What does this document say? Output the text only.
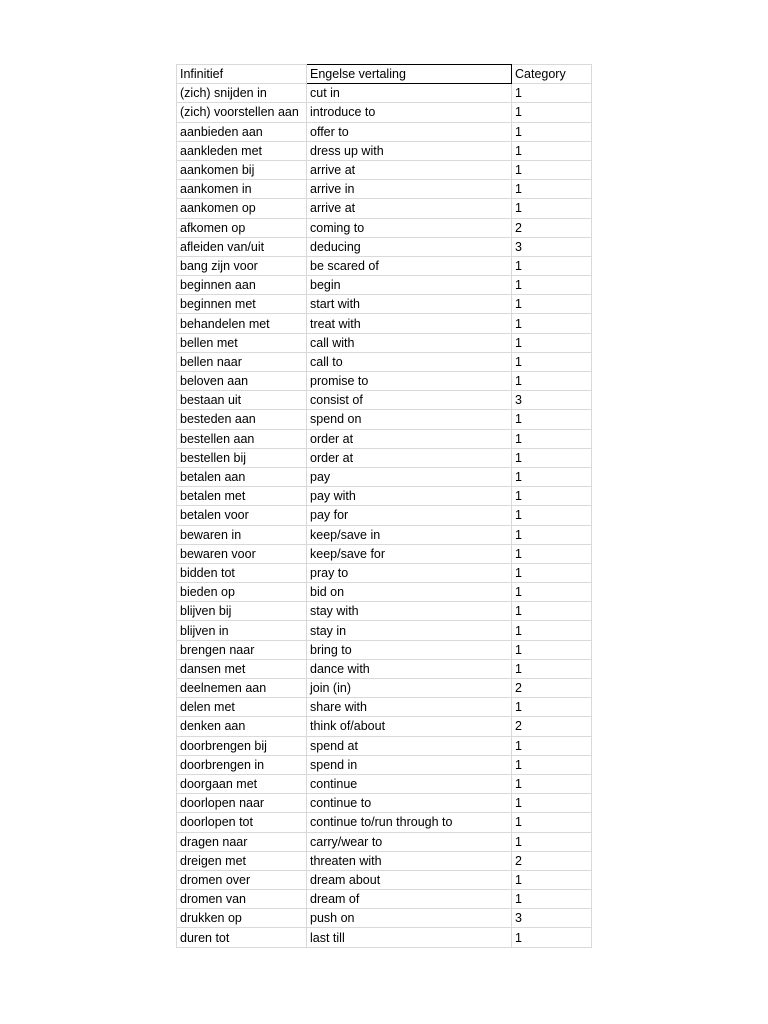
Infinitief	Engelse vertaling	Category
(zich) snijden in	cut in	1
(zich) voorstellen aan	introduce to	1
aanbieden aan	offer to	1
aankleden met	dress up with	1
aankomen bij	arrive at	1
aankomen in	arrive in	1
aankomen op	arrive at	1
afkomen op	coming to	2
afleiden van/uit	deducing	3
bang zijn voor	be scared of	1
beginnen aan	begin	1
beginnen met	start with	1
behandelen met	treat with	1
bellen met	call with	1
bellen naar	call to	1
beloven aan	promise to	1
bestaan uit	consist of	3
besteden aan	spend on	1
bestellen aan	order at	1
bestellen bij	order at	1
betalen aan	pay	1
betalen met	pay with	1
betalen voor	pay for	1
bewaren in	keep/save in	1
bewaren voor	keep/save for	1
bidden tot	pray to	1
bieden op	bid on	1
blijven bij	stay with	1
blijven in	stay in	1
brengen naar	bring to	1
dansen met	dance with	1
deelnemen aan	join (in)	2
delen met	share with	1
denken aan	think of/about	2
doorbrengen bij	spend at	1
doorbrengen in	spend in	1
doorgaan met	continue	1
doorlopen naar	continue to	1
doorlopen tot	continue to/run through to	1
dragen naar	carry/wear to	1
dreigen met	threaten with	2
dromen over	dream about	1
dromen van	dream of	1
drukken op	push on	3
duren tot	last till	1
